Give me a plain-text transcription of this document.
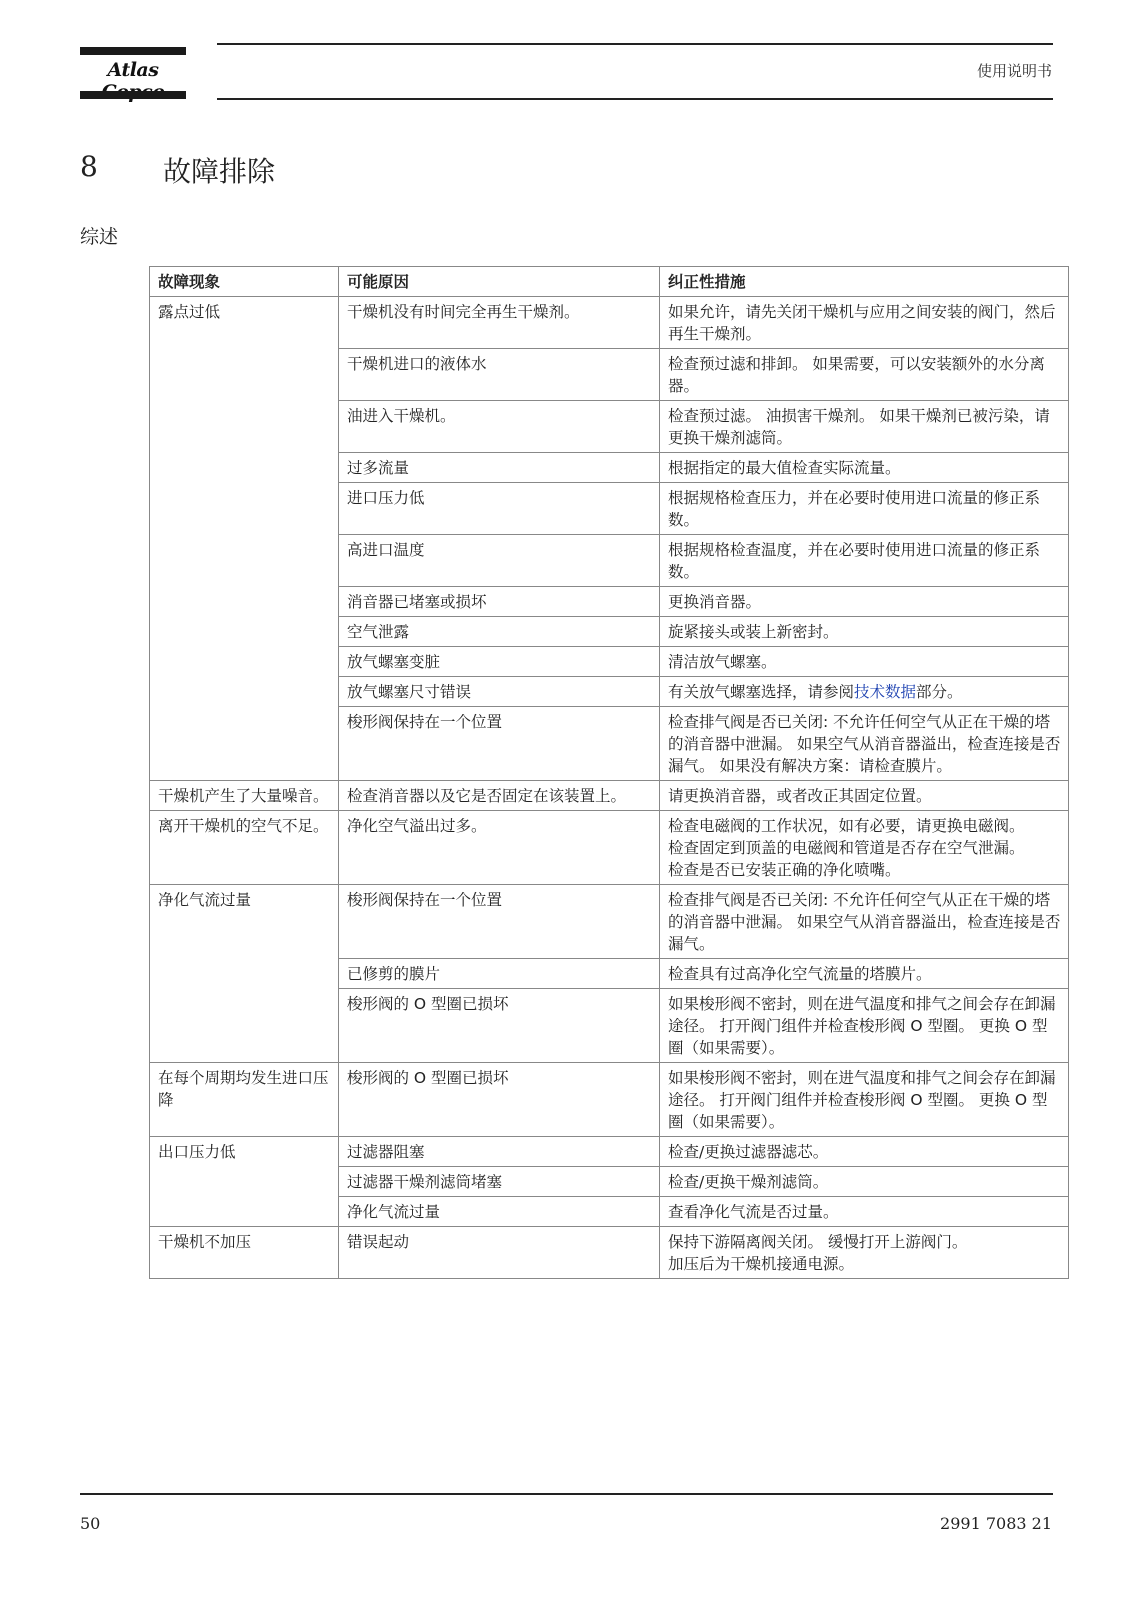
Atlas	使用说明书
8 故障排除
综述
故障现象	可能原因	纠正性措施
露点过低	干燥机没有时间完全再生干燥剂。	如果允许，请先关闭干燥机与应用之间安装的阀门，然后再生干燥剂。
	干燥机进口的液体水	检查预过滤和排卸。 如果需要，可以安装额外的水分离器。
	油进入干燥机。	检查预过滤。 油损害干燥剂。 如果干燥剂已被污染，请更换干燥剂滤筒。
	过多流量	根据指定的最大值检查实际流量。
	进口压力低	根据规格检查压力，并在必要时使用进口流量的修正系数。
	高进口温度	根据规格检查温度，并在必要时使用进口流量的修正系数。
	消音器已堵塞或损坏	更换消音器。
	空气泄露	旋紧接头或装上新密封。
	放气螺塞变脏	清洁放气螺塞。
	放气螺塞尺寸错误	有关放气螺塞选择，请参阅技术数据部分。
	梭形阀保持在一个位置	检查排气阀是否已关闭: 不允许任何空气从正在干燥的塔的消音器中泄漏。 如果空气从消音器溢出，检查连接是否漏气。 如果没有解决方案：请检查膜片。
干燥机产生了大量噪音。	检查消音器以及它是否固定在该装置上。	请更换消音器，或者改正其固定位置。
离开干燥机的空气不足。	净化空气溢出过多。	检查电磁阀的工作状况，如有必要，请更换电磁阀。
检查固定到顶盖的电磁阀和管道是否存在空气泄漏。
检查是否已安装正确的净化喷嘴。

净化气流过量	梭形阀保持在一个位置	检查排气阀是否已关闭: 不允许任何空气从正在干燥的塔的消音器中泄漏。 如果空气从消音器溢出，检查连接是否漏气。
	已修剪的膜片	检查具有过高净化空气流量的塔膜片。
	梭形阀的 O 型圈已损坏	如果梭形阀不密封，则在进气温度和排气之间会存在卸漏途径。 打开阀门组件并检查梭形阀 O 型圈。 更换 O 型圈（如果需要）。
在每个周期均发生进口压降	梭形阀的 O 型圈已损坏	如果梭形阀不密封，则在进气温度和排气之间会存在卸漏途径。 打开阀门组件并检查梭形阀 O 型圈。 更换 O 型圈（如果需要）。
出口压力低	过滤器阻塞	检查/更换过滤器滤芯。
	过滤器干燥剂滤筒堵塞	检查/更换干燥剂滤筒。
	净化气流过量	查看净化气流是否过量。
干燥机不加压	错误起动	保持下游隔离阀关闭。 缓慢打开上游阀门。
加压后为干燥机接通电源。
50	2991 7083 21
